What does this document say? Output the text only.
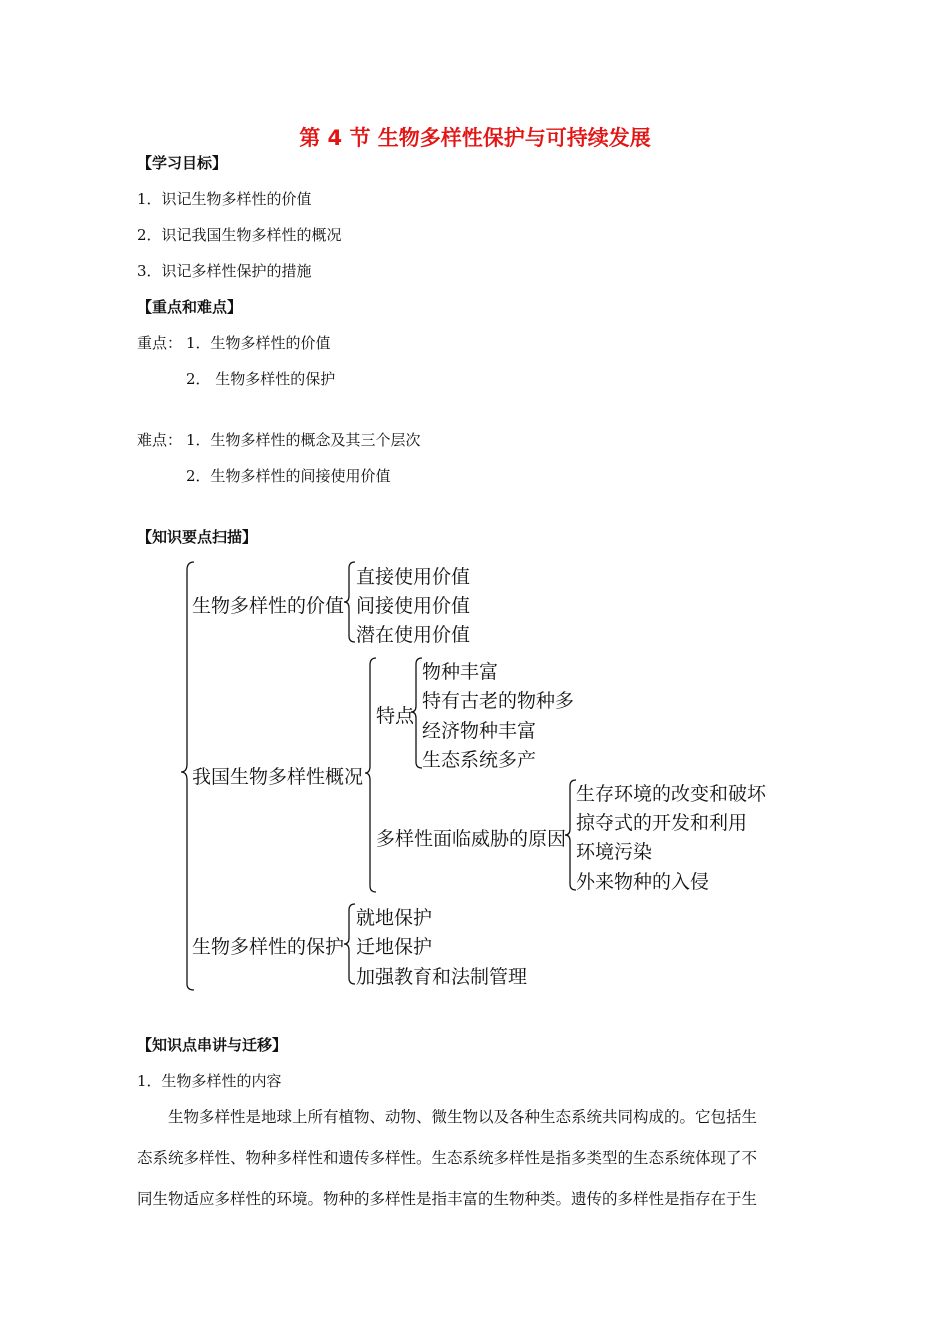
第 4 节 生物多样性保护与可持续发展
【学习目标】
1．识记生物多样性的价值
2．识记我国生物多样性的概况
3．识记多样性保护的措施
【重点和难点】
重点： 1．生物多样性的价值
2． 生物多样性的保护
难点： 1．生物多样性的概念及其三个层次
2．生物多样性的间接使用价值
【知识要点扫描】
生物多样性的价值
直接使用价值
间接使用价值
潜在使用价值
我国生物多样性概况
特点
物种丰富
特有古老的物种多
经济物种丰富
生态系统多产
多样性面临威胁的原因
生存环境的改变和破坏
掠夺式的开发和利用
环境污染
外来物种的入侵
生物多样性的保护
就地保护
迁地保护
加强教育和法制管理
【知识点串讲与迁移】
1．生物多样性的内容
生物多样性是地球上所有植物、动物、微生物以及各种生态系统共同构成的。它包括生
态系统多样性、物种多样性和遗传多样性。生态系统多样性是指多类型的生态系统体现了不
同生物适应多样性的环境。物种的多样性是指丰富的生物种类。遗传的多样性是指存在于生
